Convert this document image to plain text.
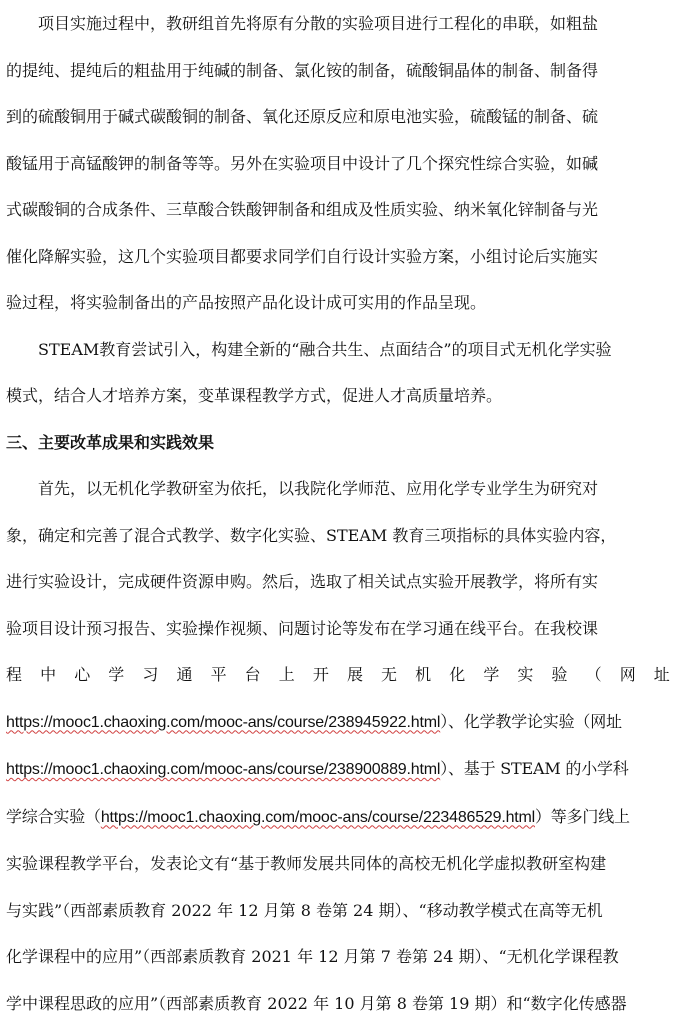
项目实施过程中，教研组首先将原有分散的实验项目进行工程化的串联，如粗盐
的提纯、提纯后的粗盐用于纯碱的制备、氯化铵的制备，硫酸铜晶体的制备、制备得
到的硫酸铜用于碱式碳酸铜的制备、氧化还原反应和原电池实验，硫酸锰的制备、硫
酸锰用于高锰酸钾的制备等等。另外在实验项目中设计了几个探究性综合实验，如碱
式碳酸铜的合成条件、三草酸合铁酸钾制备和组成及性质实验、纳米氧化锌制备与光
催化降解实验，这几个实验项目都要求同学们自行设计实验方案，小组讨论后实施实
验过程，将实验制备出的产品按照产品化设计成可实用的作品呈现。
STEAM教育尝试引入，构建全新的“融合共生、点面结合”的项目式无机化学实验
模式，结合人才培养方案，变革课程教学方式，促进人才高质量培养。
三、主要改革成果和实践效果
首先，以无机化学教研室为依托，以我院化学师范、应用化学专业学生为研究对
象，确定和完善了混合式教学、数字化实验、STEAM 教育三项指标的具体实验内容，
进行实验设计，完成硬件资源申购。然后，选取了相关试点实验开展教学，将所有实
验项目设计预习报告、实验操作视频、问题讨论等发布在学习通在线平台。在我校课
程 中 心 学 习 通 平 台 上 开 展 无 机 化 学 实 验 （ 网 址
https://mooc1.chaoxing.com/mooc-ans/course/238945922.html）、化学教学论实验（网址
https://mooc1.chaoxing.com/mooc-ans/course/238900889.html）、基于 STEAM 的小学科
学综合实验（https://mooc1.chaoxing.com/mooc-ans/course/223486529.html）等多门线上
实验课程教学平台，发表论文有“基于教师发展共同体的高校无机化学虚拟教研室构建
与实践”（西部素质教育 2022 年 12 月第 8 卷第 24 期）、“移动教学模式在高等无机
化学课程中的应用”（西部素质教育 2021 年 12 月第 7 卷第 24 期）、“无机化学课程教
学中课程思政的应用”（西部素质教育 2022 年 10 月第 8 卷第 19 期）和“数字化传感器
